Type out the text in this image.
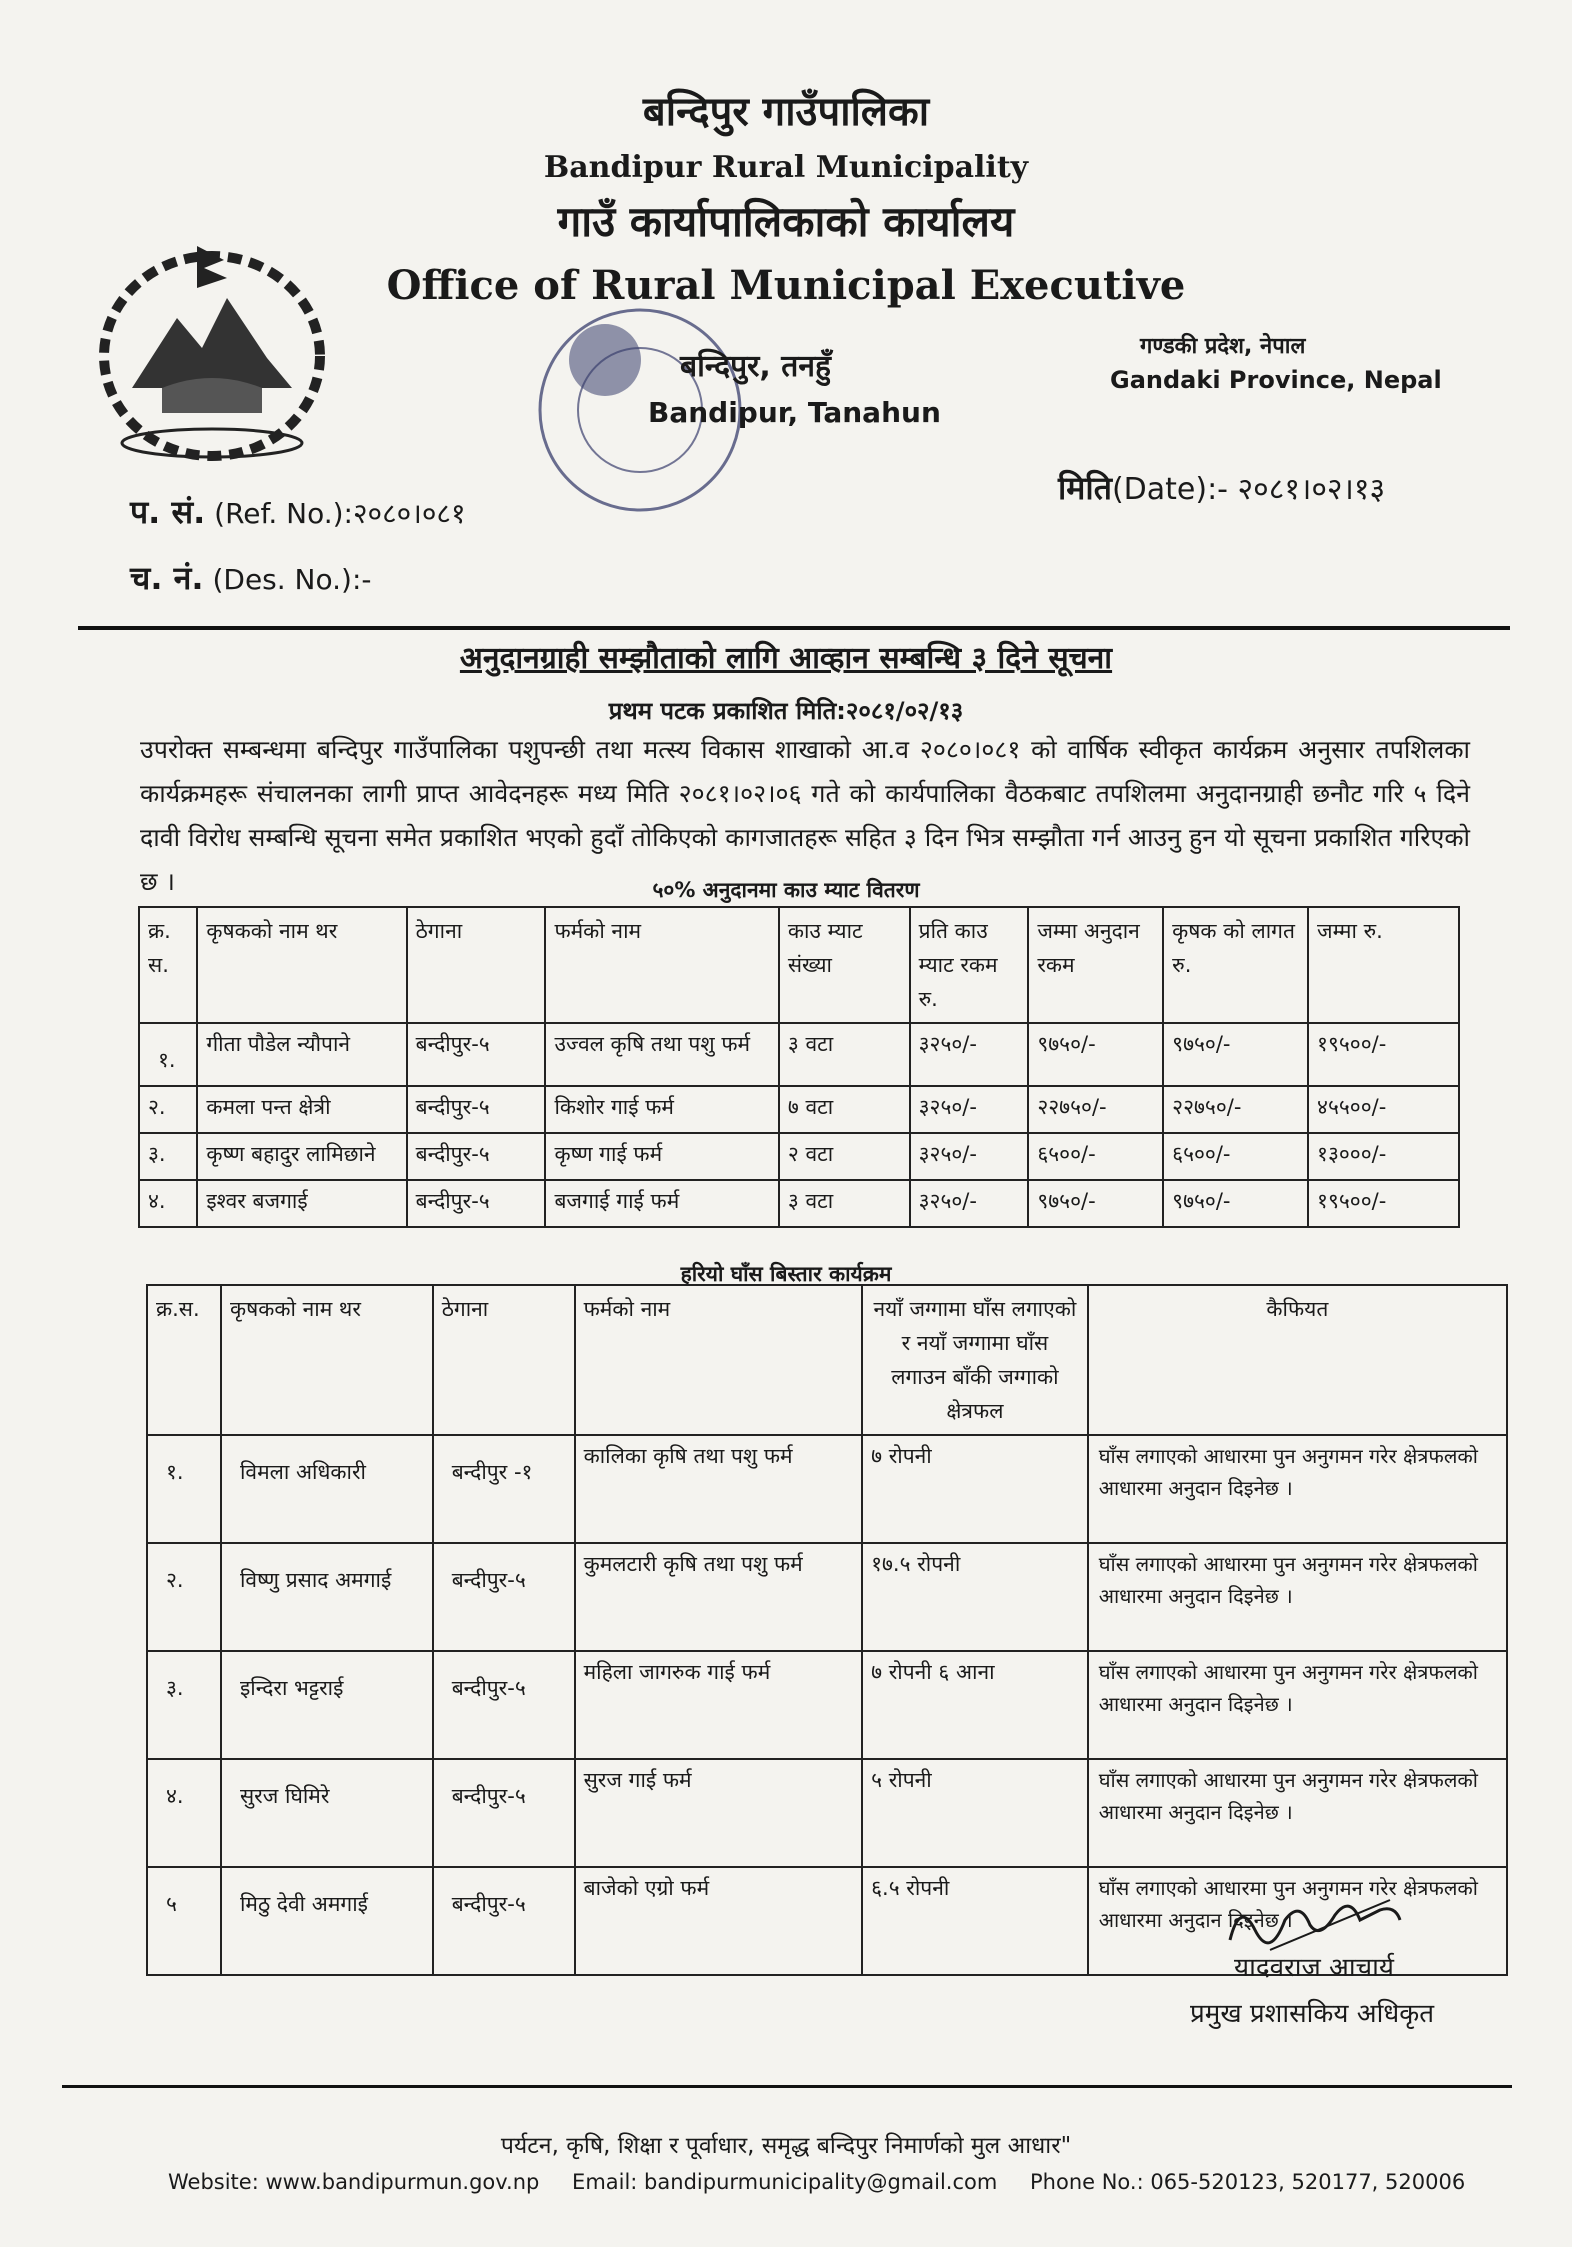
बन्दिपुर गाउँपालिका
Bandipur Rural Municipality
गाउँ कार्यापालिकाको कार्यालय
Office of Rural Municipal Executive
बन्दिपुर, तनहुँ
Bandipur, Tanahun
गण्डकी प्रदेश, नेपाल
Gandaki Province, Nepal
प. सं. (Ref. No.):२०८०।०८१
च. नं. (Des. No.):-
मिति(Date):- २०८१।०२।१३
अनुदानग्राही सम्झौताको लागि आव्हान सम्बन्धि ३ दिने सूचना
प्रथम पटक प्रकाशित मिति:२०८१/०२/१३
उपरोक्त सम्बन्धमा बन्दिपुर गाउँपालिका पशुपन्छी तथा मत्स्य विकास शाखाको आ.व २०८०।०८१ को वार्षिक स्वीकृत कार्यक्रम अनुसार तपशिलका कार्यक्रमहरू संचालनका लागी प्राप्त आवेदनहरू मध्य मिति २०८१।०२।०६ गते को कार्यपालिका वैठकबाट तपशिलमा अनुदानग्राही छनौट गरि ५ दिने दावी विरोध सम्बन्धि सूचना समेत प्रकाशित भएको हुदाँ तोकिएको कागजातहरू सहित ३ दिन भित्र सम्झौता गर्न आउनु हुन यो सूचना प्रकाशित गरिएको छ ।	५०% अनुदानमा काउ म्याट वितरण
क्र. स.	कृषकको नाम थर	ठेगाना	फर्मको नाम	काउ म्याट संख्या	प्रति काउ म्याट रकम रु.	जम्मा अनुदान रकम	कृषक को लागत रु.	जम्मा रु.
१.	गीता पौडेल न्यौपाने	बन्दीपुर-५	उज्वल कृषि तथा पशु फर्म	३ वटा	३२५०/-	९७५०/-	९७५०/-	१९५००/-
२.	कमला पन्त क्षेत्री	बन्दीपुर-५	किशोर गाई फर्म	७ वटा	३२५०/-	२२७५०/-	२२७५०/-	४५५००/-
३.	कृष्ण बहादुर लामिछाने	बन्दीपुर-५	कृष्ण गाई फर्म	२ वटा	३२५०/-	६५००/-	६५००/-	१३०००/-
४.	इश्वर बजगाई	बन्दीपुर-५	बजगाई गाई फर्म	३ वटा	३२५०/-	९७५०/-	९७५०/-	१९५००/-
हरियो घाँस बिस्तार कार्यक्रम
क्र.स.	कृषकको नाम थर	ठेगाना	फर्मको नाम	नयाँ जग्गामा घाँस लगाएको र नयाँ जग्गामा घाँस लगाउन बाँकी जग्गाको क्षेत्रफल	कैफियत
१.	विमला अधिकारी	बन्दीपुर -१	कालिका कृषि तथा पशु फर्म	७ रोपनी	घाँस लगाएको आधारमा पुन अनुगमन गरेर क्षेत्रफलको आधारमा अनुदान दिइनेछ ।
२.	विष्णु प्रसाद अमगाई	बन्दीपुर-५	कुमलटारी कृषि तथा पशु फर्म	१७.५ रोपनी	घाँस लगाएको आधारमा पुन अनुगमन गरेर क्षेत्रफलको आधारमा अनुदान दिइनेछ ।
३.	इन्दिरा भट्टराई	बन्दीपुर-५	महिला जागरुक गाई फर्म	७ रोपनी ६ आना	घाँस लगाएको आधारमा पुन अनुगमन गरेर क्षेत्रफलको आधारमा अनुदान दिइनेछ ।
४.	सुरज घिमिरे	बन्दीपुर-५	सुरज गाई फर्म	५ रोपनी	घाँस लगाएको आधारमा पुन अनुगमन गरेर क्षेत्रफलको आधारमा अनुदान दिइनेछ ।
५	मिठु देवी अमगाई	बन्दीपुर-५	बाजेको एग्रो फर्म	६.५ रोपनी	घाँस लगाएको आधारमा पुन अनुगमन गरेर क्षेत्रफलको आधारमा अनुदान दिइनेछ ।
यादवराज आचार्य
प्रमुख प्रशासकिय अधिकृत
पर्यटन, कृषि, शिक्षा र पूर्वाधार, समृद्ध बन्दिपुर निमार्णको मुल आधार"
Website: www.bandipurmun.gov.np Email: bandipurmunicipality@gmail.com Phone No.: 065-520123, 520177, 520006
